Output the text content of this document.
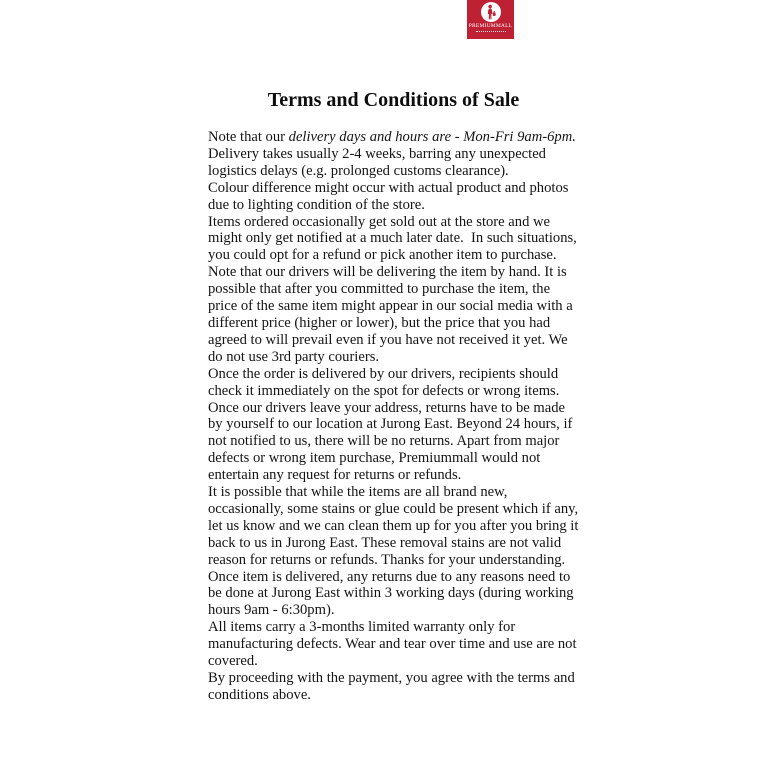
PREMIUMMALL
Terms and Conditions of Sale

Note that our delivery days and hours are - Mon-Fri 9am-6pm.

Delivery takes usually 2-4 weeks, barring any unexpected logistics delays (e.g. prolonged customs clearance).

Colour difference might occur with actual product and photos due to lighting condition of the store.

Items ordered occasionally get sold out at the store and we might only get notified at a much later date.  In such situations, you could opt for a refund or pick another item to purchase.

Note that our drivers will be delivering the item by hand. It is possible that after you committed to purchase the item, the price of the same item might appear in our social media with a different price (higher or lower), but the price that you had agreed to will prevail even if you have not received it yet. We do not use 3rd party couriers.

Once the order is delivered by our drivers, recipients should check it immediately on the spot for defects or wrong items.

Once our drivers leave your address, returns have to be made by yourself to our location at Jurong East. Beyond 24 hours, if not notified to us, there will be no returns. Apart from major defects or wrong item purchase, Premiummall would not entertain any request for returns or refunds.

It is possible that while the items are all brand new, occasionally, some stains or glue could be present which if any, let us know and we can clean them up for you after you bring it back to us in Jurong East. These removal stains are not valid reason for returns or refunds. Thanks for your understanding.

Once item is delivered, any returns due to any reasons need to be done at Jurong East within 3 working days (during working hours 9am - 6:30pm).

All items carry a 3-months limited warranty only for manufacturing defects. Wear and tear over time and use are not covered.

By proceeding with the payment, you agree with the terms and conditions above.
